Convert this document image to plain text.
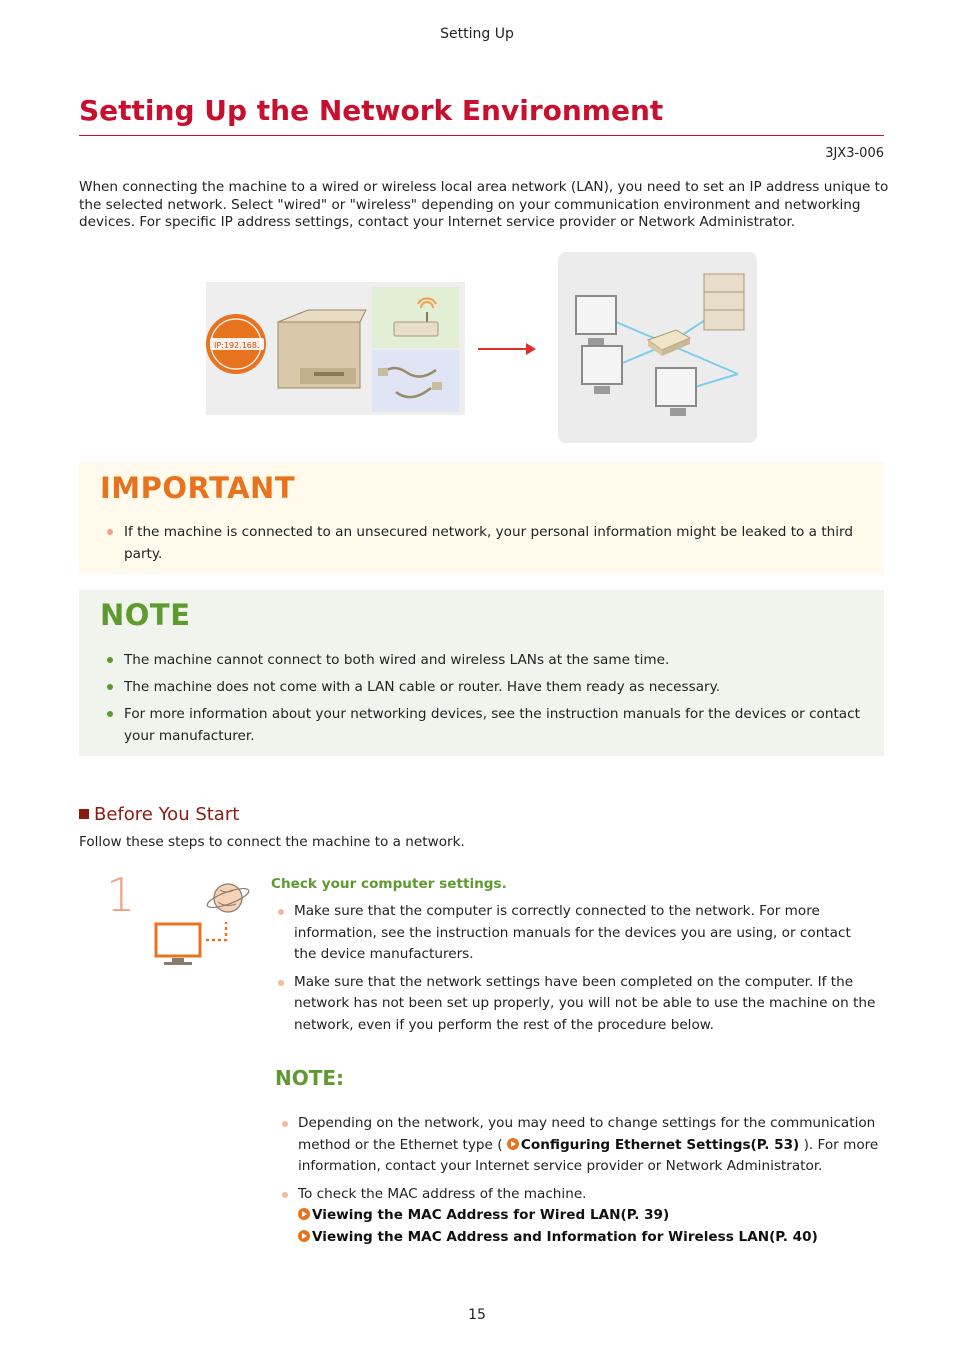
Setting Up
Setting Up the Network Environment
3JX3-006

When connecting the machine to a wired or wireless local area network (LAN), you need to set an IP address unique to the selected network. Select "wired" or "wireless" depending on your communication environment and networking devices. For specific IP address settings, contact your Internet service provider or Network Administrator.

IP:192.168.
IMPORTANT
If the machine is connected to an unsecured network, your personal information might be leaked to a third party.
NOTE
The machine cannot connect to both wired and wireless LANs at the same time.
The machine does not come with a LAN cable or router. Have them ready as necessary.
For more information about your networking devices, see the instruction manuals for the devices or contact your manufacturer.
Before You Start
Follow these steps to connect the machine to a network.
1	Check your computer settings.
Make sure that the computer is correctly connected to the network. For more information, see the instruction manuals for the devices you are using, or contact the device manufacturers.
Make sure that the network settings have been completed on the computer. If the network has not been set up properly, you will not be able to use the machine on the network, even if you perform the rest of the procedure below.
NOTE:
Depending on the network, you may need to change settings for the communication method or the Ethernet type ( Configuring Ethernet Settings(P. 53) ). For more information, contact your Internet service provider or Network Administrator.
To check the MAC address of the machine.
Viewing the MAC Address for Wired LAN(P. 39)
Viewing the MAC Address and Information for Wireless LAN(P. 40)
15
